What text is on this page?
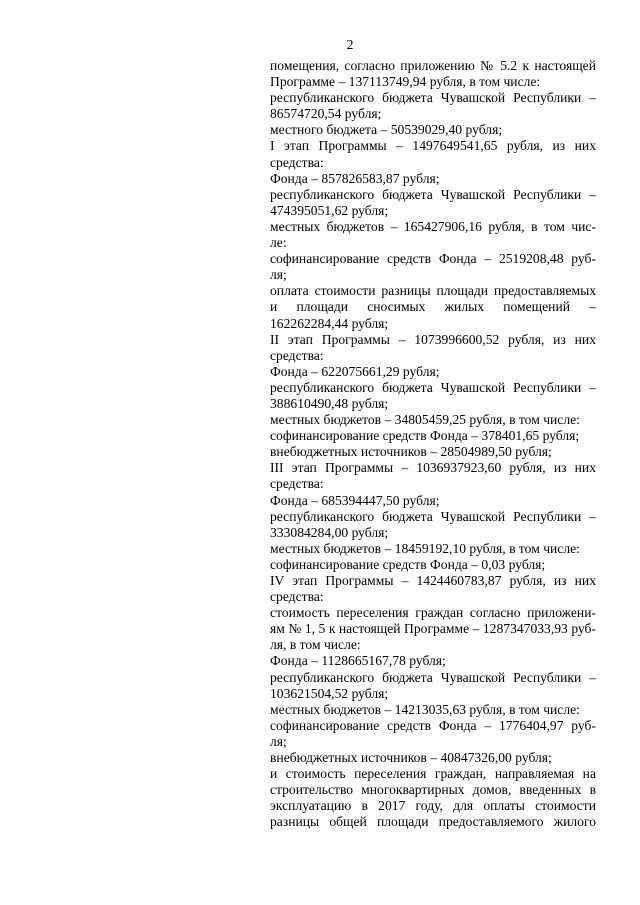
2
помещения, согласно приложению № 5.2 к настоящей
Программе – 137113749,94 рубля, в том числе:
республиканского бюджета Чувашской Республики –
86574720,54 рубля;
местного бюджета – 50539029,40 рубля;
I этап Программы – 1497649541,65 рубля, из них
средства:
Фонда – 857826583,87 рубля;
республиканского бюджета Чувашской Республики –
474395051,62 рубля;
местных бюджетов – 165427906,16 рубля, в том чис-
ле:
софинансирование средств Фонда – 2519208,48 руб-
ля;
оплата стоимости разницы площади предоставляемых
и площади сносимых жилых помещений –
162262284,44 рубля;
II этап Программы – 1073996600,52 рубля, из них
средства:
Фонда – 622075661,29 рубля;
республиканского бюджета Чувашской Республики –
388610490,48 рубля;
местных бюджетов – 34805459,25 рубля, в том числе:
софинансирование средств Фонда – 378401,65 рубля;
внебюджетных источников – 28504989,50 рубля;
III этап Программы – 1036937923,60 рубля, из них
средства:
Фонда – 685394447,50 рубля;
республиканского бюджета Чувашской Республики –
333084284,00 рубля;
местных бюджетов – 18459192,10 рубля, в том числе:
софинансирование средств Фонда – 0,03 рубля;
IV этап Программы – 1424460783,87 рубля, из них
средства:
стоимость переселения граждан согласно приложени-
ям № 1, 5 к настоящей Программе – 1287347033,93 руб-
ля, в том числе:
Фонда – 1128665167,78 рубля;
республиканского бюджета Чувашской Республики –
103621504,52 рубля;
местных бюджетов – 14213035,63 рубля, в том числе:
софинансирование средств Фонда – 1776404,97 руб-
ля;
внебюджетных источников – 40847326,00 рубля;
и стоимость переселения граждан, направляемая на
строительство многоквартирных домов, введенных в
эксплуатацию в 2017 году, для оплаты стоимости
разницы общей площади предоставляемого жилого
